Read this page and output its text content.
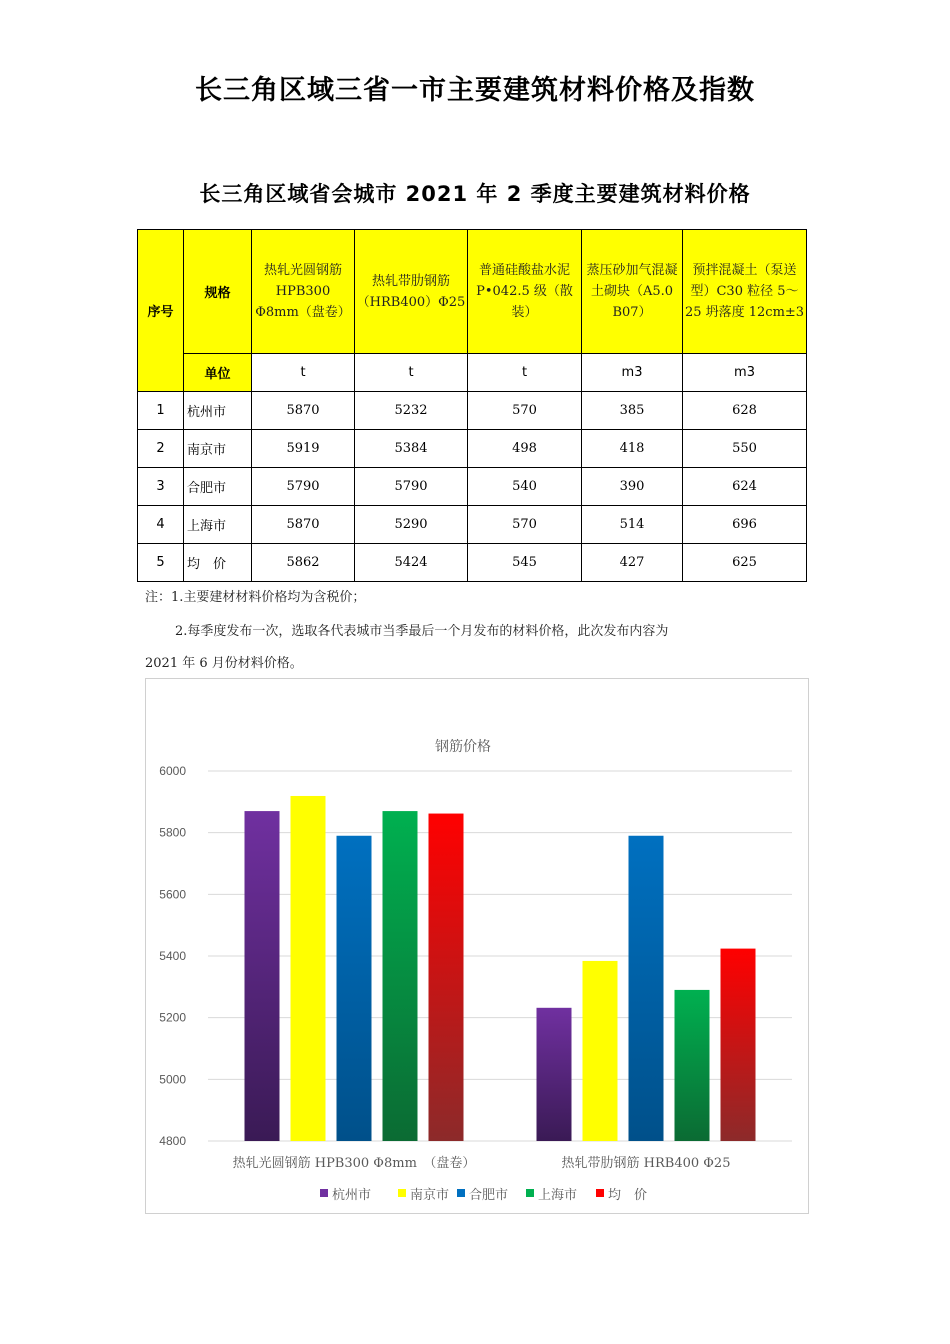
长三角区域三省一市主要建筑材料价格及指数
长三角区域省会城市 2021 年 2 季度主要建筑材料价格
序号	规格	热轧光圆钢筋HPB300 Φ8mm（盘卷）	热轧带肋钢筋（HRB400）Φ25	普通硅酸盐水泥 P•042.5 级（散装）	蒸压砂加气混凝土砌块（A5.0 B07）	预拌混凝土（泵送型）C30 粒径 5～25 坍落度 12cm±3
	单位	t	t	t	m3	m3
1	杭州市	5870	5232	570	385	628
2	南京市	5919	5384	498	418	550
3	合肥市	5790	5790	540	390	624
4	上海市	5870	5290	570	514	696
5	均　价	5862	5424	545	427	625
注：1.主要建材材料价格均为含税价；
2.每季度发布一次，选取各代表城市当季最后一个月发布的材料价格，此次发布内容为
2021 年 6 月份材料价格。
钢筋价格
4800
5000
5200
5400
5600
5800
6000
热轧光圆钢筋 HPB300 Φ8mm　（盘卷）	热轧带肋钢筋 HRB400 Φ25
杭州市	南京市 合肥市 上海市 均　价
